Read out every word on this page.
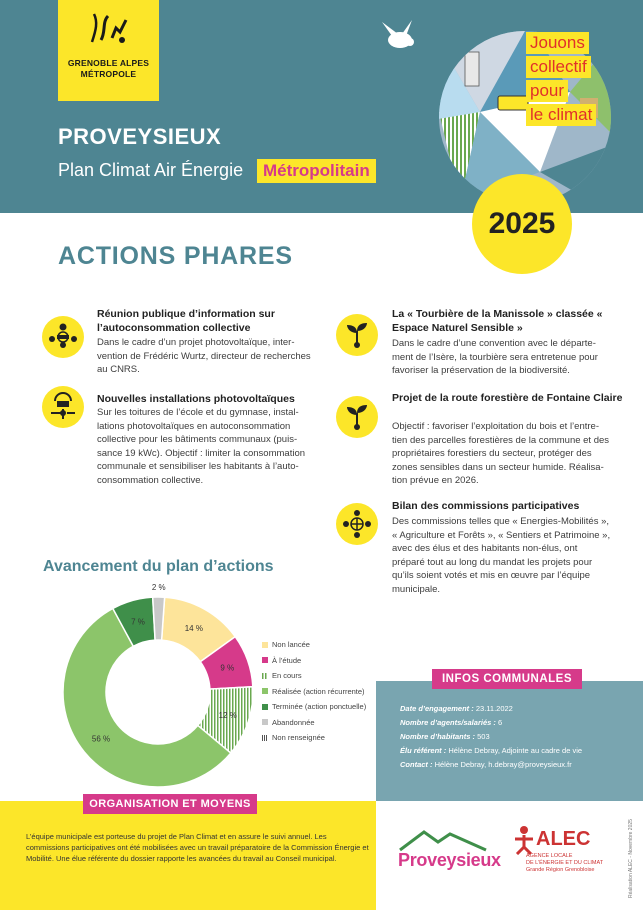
GRENOBLE ALPES
MÉTROPOLE
PROVEYSIEUX
Plan Climat Air Énergie	Métropolitain
Jouons
collectif
pour
le climat
2025
ACTIONS PHARES
Réunion publique d’information sur l’autoconsommation collective
Dans le cadre d’un projet photovoltaïque, inter-
vention de Frédéric Wurtz, directeur de recherches
au CNRS.
Nouvelles installations photovoltaïques
Sur les toitures de l’école et du gymnase, instal-
lations photovoltaïques en autoconsommation
collective pour les bâtiments communaux (puis-
sance 19 kWc). Objectif : limiter la consommation
communale et sensibiliser les habitants à l’auto-
consommation collective.
La « Tourbière de la Manissole » classée « Espace Naturel Sensible »
Dans le cadre d’une convention avec le départe-
ment de l’Isère, la tourbière sera entretenue pour
favoriser la préservation de la biodiversité.
Projet de la route forestière de Fontaine Claire
Objectif : favoriser l’exploitation du bois et l’entre-
tien des parcelles forestières de la commune et des
propriétaires forestiers du secteur, protéger des
zones sensibles dans un secteur humide. Réalisa-
tion prévue en 2026.
Bilan des commissions participatives
Des commissions telles que « Energies-Mobilités »,
« Agriculture et Forêts », « Sentiers et Patrimoine »,
avec des élus et des habitants non-élus, ont
préparé tout au long du mandat les projets pour
qu’ils soient votés et mis en œuvre par l’équipe
municipale.
Avancement du plan d’actions
14 %
9 %
12 %
56 %
7 %
2 %
Non lancée
À l’étude
En cours
Réalisée (action récurrente)
Terminée (action ponctuelle)
Abandonnée
Non renseignée
Date d’engagement : 23.11.2022
Nombre d’agents/salariés : 6
Nombre d’habitants : 503
Élu référent : Hélène Debray, Adjointe au cadre de vie
Contact : Hélène Debray, h.debray@proveysieux.fr
INFOS COMMUNALES
L’équipe municipale est porteuse du projet de Plan Climat et en assure le suivi annuel. Les commissions participatives ont été mobilisées avec un travail préparatoire de la Commission Énergie et Mobilité. Une élue référente du dossier rapporte les avancées du travail au Conseil municipal.
ORGANISATION ET MOYENS
Proveysieux
ALEC
AGENCE LOCALE
DE L’ÉNERGIE ET DU CLIMAT
Grande Région Grenobloise	Réalisation ALEC - Novembre 2025
